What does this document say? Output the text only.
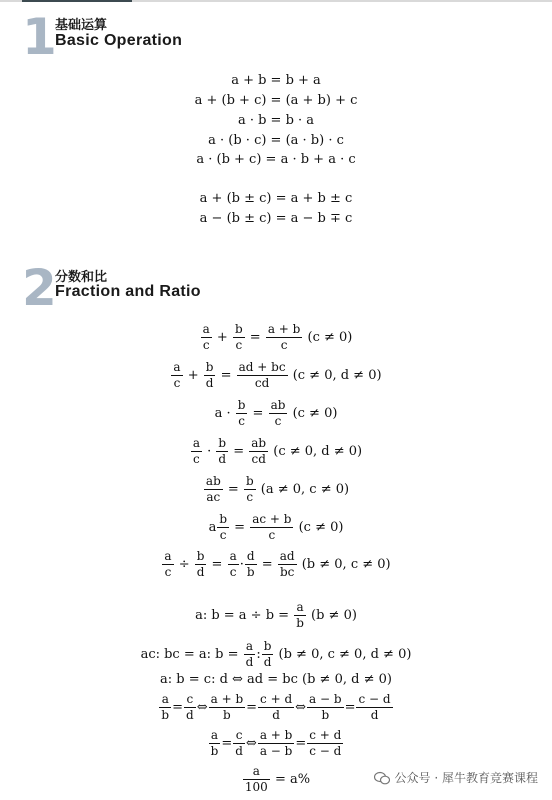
1
基础运算
Basic Operation
a + b = b + a
a + (b + c) = (a + b) + c
a · b = b · a
a · (b · c) = (a · b) · c
a · (b + c) = a · b + a · c
a + (b ± c) = a + b ± c
a − (b ± c) = a − b ∓ c
2
分数和比
Fraction and Ratio
$\frac{a}{c} + \frac{b}{c} = \frac{a + b}{c} (c \ne 0)$
$\frac{a}{c} + \frac{b}{d} = \frac{ad + bc}{cd} (c \ne 0$, d ≠ 0)
$a \cdot \frac{b}{c} = \frac{ab}{c} (c \ne 0)$
$\frac{a}{c} \cdot \frac{b}{d} = \frac{ab}{cd} (c \ne 0$, d ≠ 0)
$\frac{ab}{ac} = \frac{b}{c} (a \ne 0$, c ≠ 0)
a $\frac{b}{c} = \frac{ac + b}{c} (c \ne 0)$
$\frac{a}{c} \div \frac{b}{d} = \frac{a}{c} \cdot \frac{d}{b} = \frac{ad}{bc} (b \ne 0$, c ≠ 0)
a: $b = a \div b = \frac{a}{b} (b \ne 0)$
ac: bc = a: $b = \frac{a}{d}$ : $\frac{b}{d} (b \ne 0$, c ≠ 0, d ≠ 0)
a: b = c: d ⇔ ad = bc (b ≠ 0, d ≠ 0)
$\frac{a}{b} = \frac{c}{d}$ ⇔ $\frac{a + b}{b} = \frac{c + d}{d}$ ⇔ $\frac{a - b}{b} = \frac{c - d}{d}$
$\frac{a}{b} = \frac{c}{d}$ ⇔ $\frac{a + b}{a - b} = \frac{c + d}{c - d}$
$\frac{a}{100} = a\%$	公众号 · 犀牛教育竞赛课程
